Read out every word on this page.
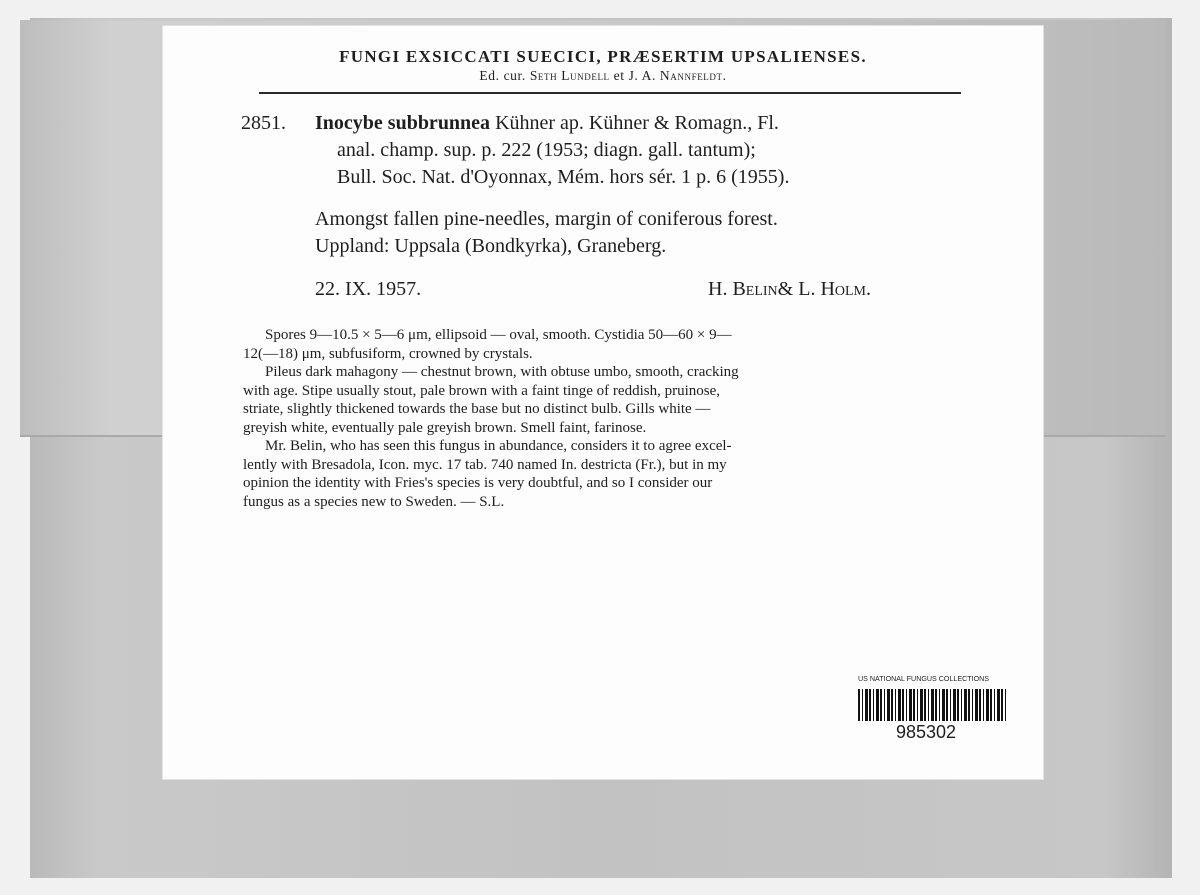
FUNGI EXSICCATI SUECICI, PRÆSERTIM UPSALIENSES.
Ed. cur. Seth Lundell et J. A. Nannfeldt.
2851. Inocybe subbrunnea Kühner ap. Kühner & Romagn., Fl.
anal. champ. sup. p. 222 (1953; diagn. gall. tantum);
Bull. Soc. Nat. d'Oyonnax, Mém. hors sér. 1 p. 6 (1955).
Amongst fallen pine-needles, margin of coniferous forest.
Uppland: Uppsala (Bondkyrka), Graneberg.
22. IX. 1957.	H. Belin& L. Holm.
Spores 9—10.5 × 5—6 μm, ellipsoid — oval, smooth. Cystidia 50—60 × 9—
12(—18) μm, subfusiform, crowned by crystals.
Pileus dark mahagony — chestnut brown, with obtuse umbo, smooth, cracking
with age. Stipe usually stout, pale brown with a faint tinge of reddish, pruinose,
striate, slightly thickened towards the base but no distinct bulb. Gills white —
greyish white, eventually pale greyish brown. Smell faint, farinose.
Mr. Belin, who has seen this fungus in abundance, considers it to agree excel-
lently with Bresadola, Icon. myc. 17 tab. 740 named In. destricta (Fr.), but in my
opinion the identity with Fries's species is very doubtful, and so I consider our
fungus as a species new to Sweden. — S.L.
US NATIONAL FUNGUS COLLECTIONS
985302
